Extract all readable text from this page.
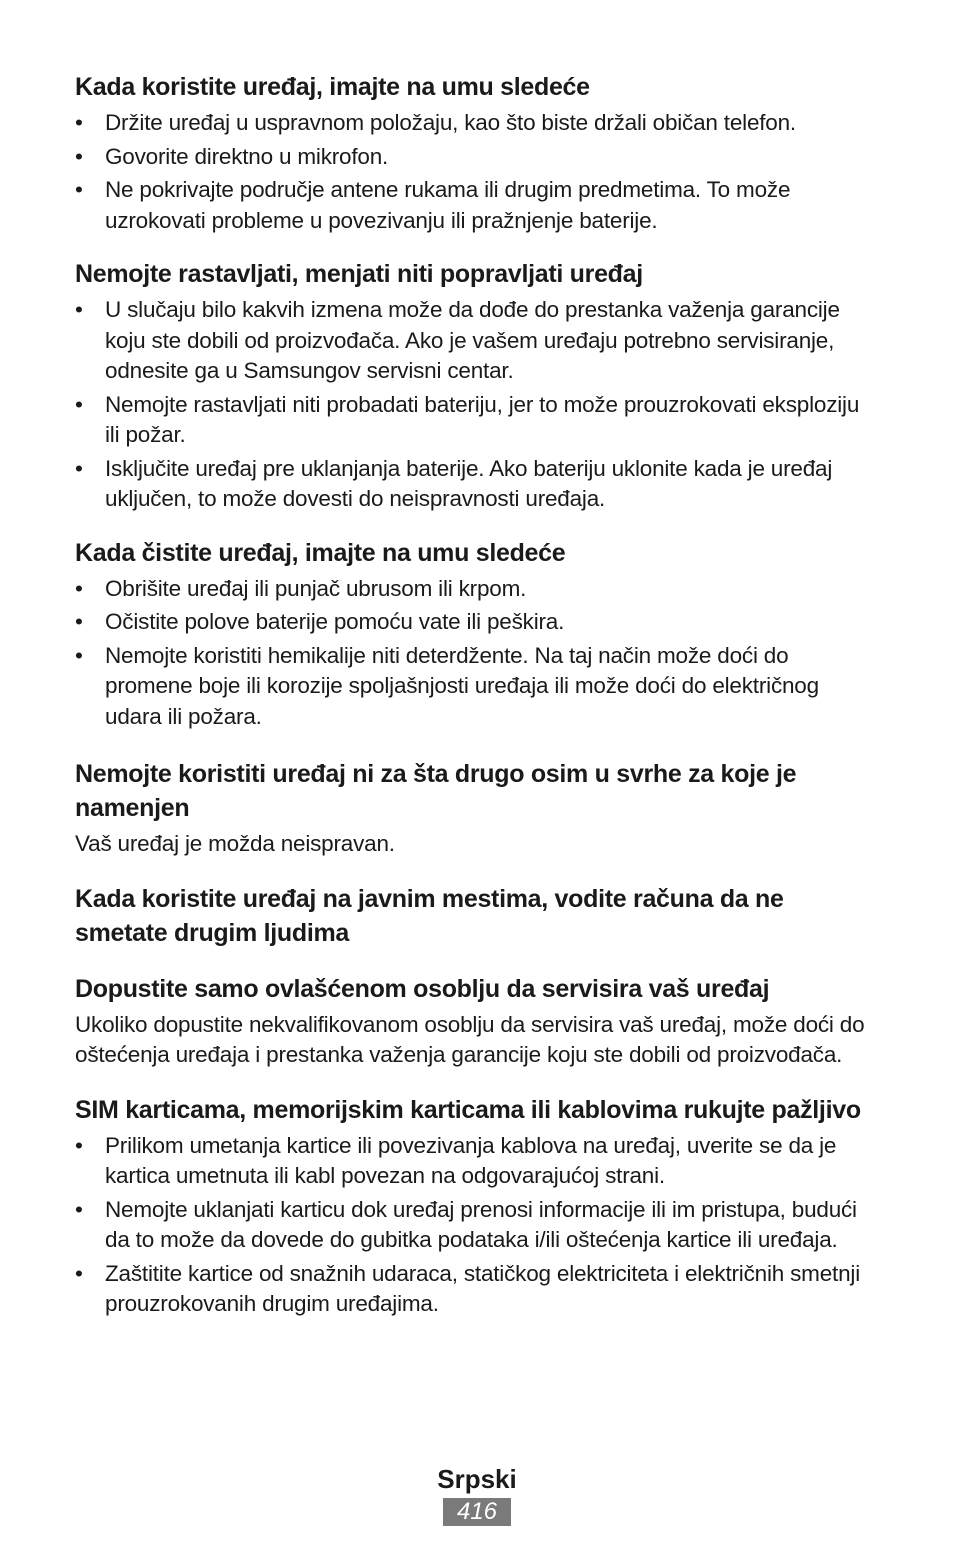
Kada koristite uređaj, imajte na umu sledeće
• Držite uređaj u uspravnom položaju, kao što biste držali običan telefon.
• Govorite direktno u mikrofon.
• Ne pokrivajte područje antene rukama ili drugim predmetima. To može uzrokovati probleme u povezivanju ili pražnjenje baterije.
Nemojte rastavljati, menjati niti popravljati uređaj
• U slučaju bilo kakvih izmena može da dođe do prestanka važenja garancije koju ste dobili od proizvođača. Ako je vašem uređaju potrebno servisiranje, odnesite ga u Samsungov servisni centar.
• Nemojte rastavljati niti probadati bateriju, jer to može prouzrokovati eksploziju ili požar.
• Isključite uređaj pre uklanjanja baterije. Ako bateriju uklonite kada je uređaj uključen, to može dovesti do neispravnosti uređaja.
Kada čistite uređaj, imajte na umu sledeće
• Obrišite uređaj ili punjač ubrusom ili krpom.
• Očistite polove baterije pomoću vate ili peškira.
• Nemojte koristiti hemikalije niti deterdžente. Na taj način može doći do promene boje ili korozije spoljašnjosti uređaja ili može doći do električnog udara ili požara.
Nemojte koristiti uređaj ni za šta drugo osim u svrhe za koje je namenjen

Vaš uređaj je možda neispravan.

Kada koristite uređaj na javnim mestima, vodite računa da ne smetate drugim ljudima
Dopustite samo ovlašćenom osoblju da servisira vaš uređaj

Ukoliko dopustite nekvalifikovanom osoblju da servisira vaš uređaj, može doći do oštećenja uređaja i prestanka važenja garancije koju ste dobili od proizvođača.

SIM karticama, memorijskim karticama ili kablovima rukujte pažljivo
• Prilikom umetanja kartice ili povezivanja kablova na uređaj, uverite se da je kartica umetnuta ili kabl povezan na odgovarajućoj strani.
• Nemojte uklanjati karticu dok uređaj prenosi informacije ili im pristupa, budući da to može da dovede do gubitka podataka i/ili oštećenja kartice ili uređaja.
• Zaštitite kartice od snažnih udaraca, statičkog elektriciteta i električnih smetnji prouzrokovanih drugim uređajima.
Srpski
416
